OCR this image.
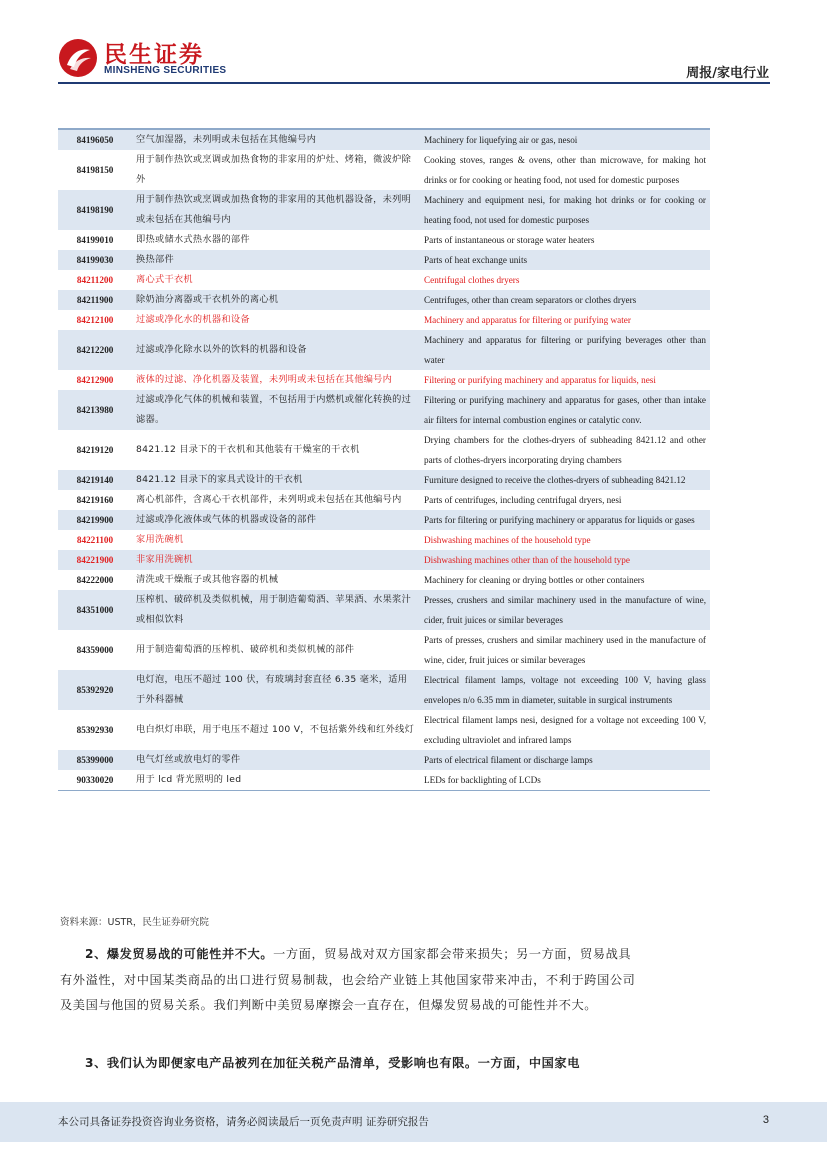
民生证券
MINSHENG SECURITIES	周报/家电行业
84196050	空气加湿器，未列明或未包括在其他编号内	Machinery for liquefying air or gas, nesoi
84198150	用于制作热饮或烹调或加热食物的非家用的炉灶、烤箱，微波炉除外	Cooking stoves, ranges & ovens, other than microwave, for making hot drinks or for cooking or heating food, not used for domestic purposes
84198190	用于制作热饮或烹调或加热食物的非家用的其他机器设备，未列明或未包括在其他编号内	Machinery and equipment nesi, for making hot drinks or for cooking or heating food, not used for domestic purposes
84199010	即热或储水式热水器的部件	Parts of instantaneous or storage water heaters
84199030	换热部件	Parts of heat exchange units
84211200	离心式干衣机	Centrifugal clothes dryers
84211900	除奶油分离器或干衣机外的离心机	Centrifuges, other than cream separators or clothes dryers
84212100	过滤或净化水的机器和设备	Machinery and apparatus for filtering or purifying water
84212200	过滤或净化除水以外的饮料的机器和设备	Machinery and apparatus for filtering or purifying beverages other than water
84212900	液体的过滤、净化机器及装置，未列明或未包括在其他编号内	Filtering or purifying machinery and apparatus for liquids, nesi
84213980	过滤或净化气体的机械和装置，不包括用于内燃机或催化转换的过滤器。	Filtering or purifying machinery and apparatus for gases, other than intake air filters for internal combustion engines or catalytic conv.
84219120	8421.12 目录下的干衣机和其他装有干燥室的干衣机	Drying chambers for the clothes-dryers of subheading 8421.12 and other parts of clothes-dryers incorporating drying chambers
84219140	8421.12 目录下的家具式设计的干衣机	Furniture designed to receive the clothes-dryers of subheading 8421.12
84219160	离心机部件，含离心干衣机部件，未列明或未包括在其他编号内	Parts of centrifuges, including centrifugal dryers, nesi
84219900	过滤或净化液体或气体的机器或设备的部件	Parts for filtering or purifying machinery or apparatus for liquids or gases
84221100	家用洗碗机	Dishwashing machines of the household type
84221900	非家用洗碗机	Dishwashing machines other than of the household type
84222000	清洗或干燥瓶子或其他容器的机械	Machinery for cleaning or drying bottles or other containers
84351000	压榨机、破碎机及类似机械，用于制造葡萄酒、苹果酒、水果浆汁或相似饮料	Presses, crushers and similar machinery used in the manufacture of wine, cider, fruit juices or similar beverages
84359000	用于制造葡萄酒的压榨机、破碎机和类似机械的部件	Parts of presses, crushers and similar machinery used in the manufacture of wine, cider, fruit juices or similar beverages
85392920	电灯泡，电压不超过 100 伏，有玻璃封套直径 6.35 毫米，适用于外科器械	Electrical filament lamps, voltage not exceeding 100 V, having glass envelopes n/o 6.35 mm in diameter, suitable in surgical instruments
85392930	电白炽灯串联，用于电压不超过 100 V，不包括紫外线和红外线灯	Electrical filament lamps nesi, designed for a voltage not exceeding 100 V, excluding ultraviolet and infrared lamps
85399000	电气灯丝或放电灯的零件	Parts of electrical filament or discharge lamps
90330020	用于 lcd 背光照明的 led	LEDs for backlighting of LCDs
资料来源：USTR，民生证券研究院

2、爆发贸易战的可能性并不大。一方面，贸易战对双方国家都会带来损失；另一方面，贸易战具有外溢性，对中国某类商品的出口进行贸易制裁，也会给产业链上其他国家带来冲击，不利于跨国公司及美国与他国的贸易关系。我们判断中美贸易摩擦会一直存在，但爆发贸易战的可能性并不大。

3、我们认为即便家电产品被列在加征关税产品清单，受影响也有限。一方面，中国家电

本公司具备证券投资咨询业务资格，请务必阅读最后一页免责声明 证券研究报告	3
